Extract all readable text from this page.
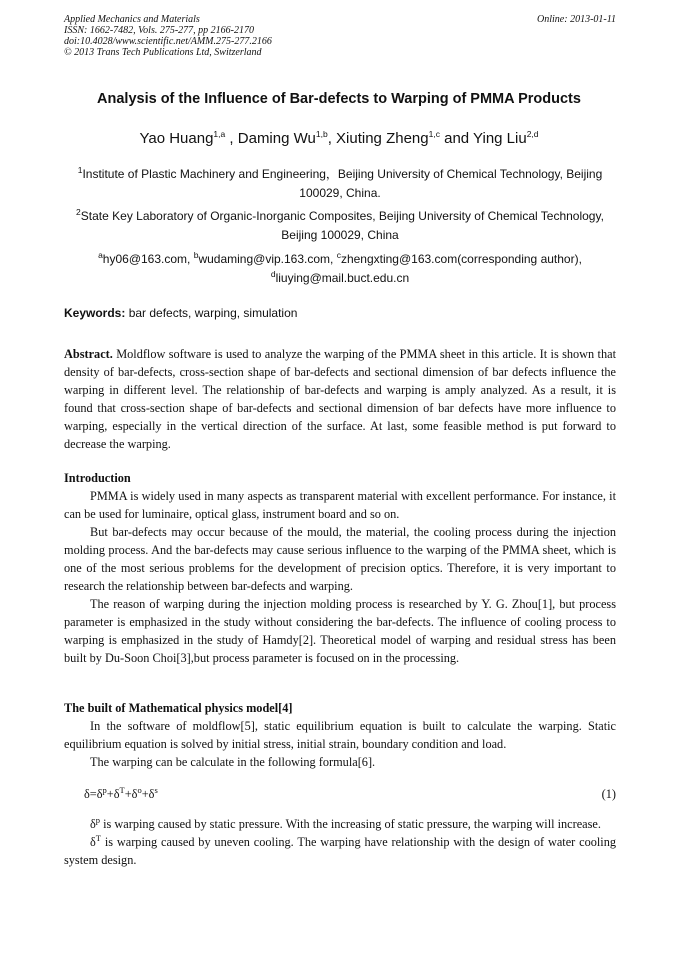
Applied Mechanics and Materials
ISSN: 1662-7482, Vols. 275-277, pp 2166-2170
doi:10.4028/www.scientific.net/AMM.275-277.2166
© 2013 Trans Tech Publications Ltd, Switzerland
Online: 2013-01-11
Analysis of the Influence of Bar-defects to Warping of PMMA Products
Yao Huang$^{1,a}$ , Daming Wu$^{1,b}$, Xiuting Zheng$^{1,c}$ and Ying Liu$^{2,d}$
$^1$Institute of Plastic Machinery and Engineering，Beijing University of Chemical Technology, Beijing
100029, China.
$^2$State Key Laboratory of Organic-Inorganic Composites, Beijing University of Chemical Technology,
Beijing 100029, China
$^a$hy06@163.com, $^b$wudaming@vip.163.com, $^c$zhengxting@163.com(corresponding author),
$^d$liuying@mail.buct.edu.cn
Keywords: bar defects, warping, simulation

Abstract. Moldflow software is used to analyze the warping of the PMMA sheet in this article. It is shown that density of bar-defects, cross-section shape of bar-defects and sectional dimension of bar defects influence the warping in different level. The relationship of bar-defects and warping is amply analyzed. As a result, it is found that cross-section shape of bar-defects and sectional dimension of bar defects have more influence to warping, especially in the vertical direction of the surface. At last, some feasible method is put forward to decrease the warping.

Introduction

PMMA is widely used in many aspects as transparent material with excellent performance. For instance, it can be used for luminaire, optical glass, instrument board and so on.

But bar-defects may occur because of the mould, the material, the cooling process during the injection molding process. And the bar-defects may cause serious influence to the warping of the PMMA sheet, which is one of the most serious problems for the development of precision optics. Therefore, it is very important to research the relationship between bar-defects and warping.

The reason of warping during the injection molding process is researched by Y. G. Zhou[1], but process parameter is emphasized in the study without considering the bar-defects. The influence of cooling process to warping is emphasized in the study of Hamdy[2]. Theoretical model of warping and residual stress has been built by Du-Soon Choi[3],but process parameter is focused on in the processing.

The built of Mathematical physics model[4]

In the software of moldflow[5], static equilibrium equation is built to calculate the warping. Static equilibrium equation is solved by initial stress, initial strain, boundary condition and load.

The warping can be calculate in the following formula[6].

$\delta=\delta^p+\delta^T+\delta^o+\delta^s$	(1)

$\delta^p$ is warping caused by static pressure. With the increasing of static pressure, the warping will increase.

$\delta^T$ is warping caused by uneven cooling. The warping have relationship with the design of water cooling system design.
